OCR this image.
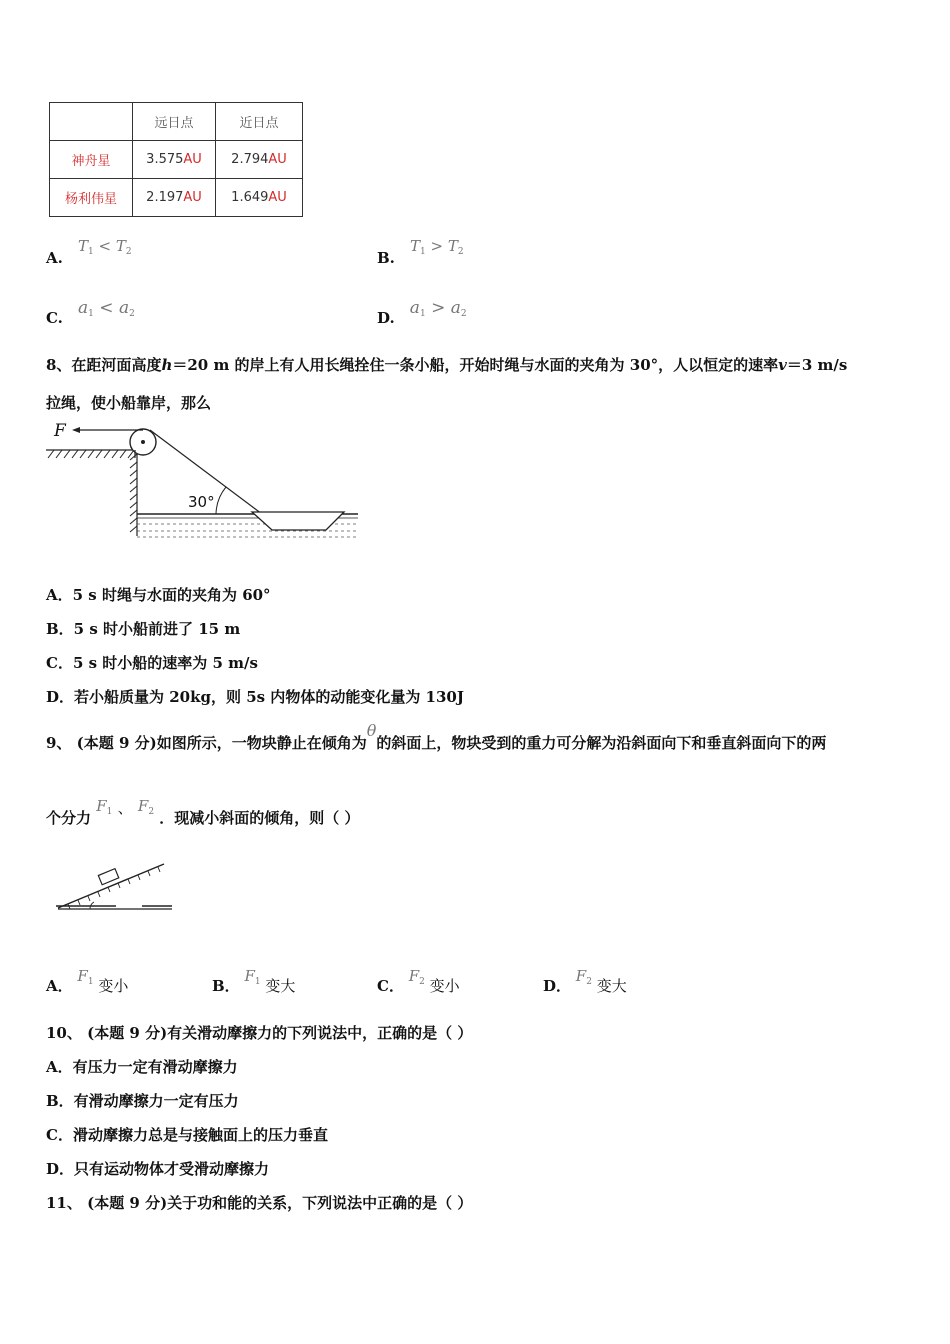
	远日点	近日点
神舟星	3.575AU	2.794AU
杨利伟星	2.197AU	1.649AU
A. $T_1 < T_2$	B. $T_1 > T_2$
C. $a_1 < a_2$	D. $a_1 > a_2$
8、在距河面高度h＝20 m 的岸上有人用长绳拴住一条小船，开始时绳与水面的夹角为 30°，人以恒定的速率v＝3 m/s
拉绳，使小船靠岸，那么
F
30°
A．5 s 时绳与水面的夹角为 60°
B．5 s 时小船前进了 15 m
C．5 s 时小船的速率为 5 m/s
D．若小船质量为 20kg，则 5s 内物体的动能变化量为 130J
9、 (本题 9 分)如图所示，一物块静止在倾角为θ的斜面上，物块受到的重力可分解为沿斜面向下和垂直斜面向下的两
个分力 $F_1$ 、 $F_2$ ．现减小斜面的倾角，则（ ）
A． $F_1$ 变小	B． $F_1$ 变大	C． $F_2$ 变小	D． $F_2$ 变大
10、 (本题 9 分)有关滑动摩擦力的下列说法中，正确的是（ ）
A．有压力一定有滑动摩擦力
B．有滑动摩擦力一定有压力
C．滑动摩擦力总是与接触面上的压力垂直
D．只有运动物体才受滑动摩擦力
11、 (本题 9 分)关于功和能的关系，下列说法中正确的是（ ）
